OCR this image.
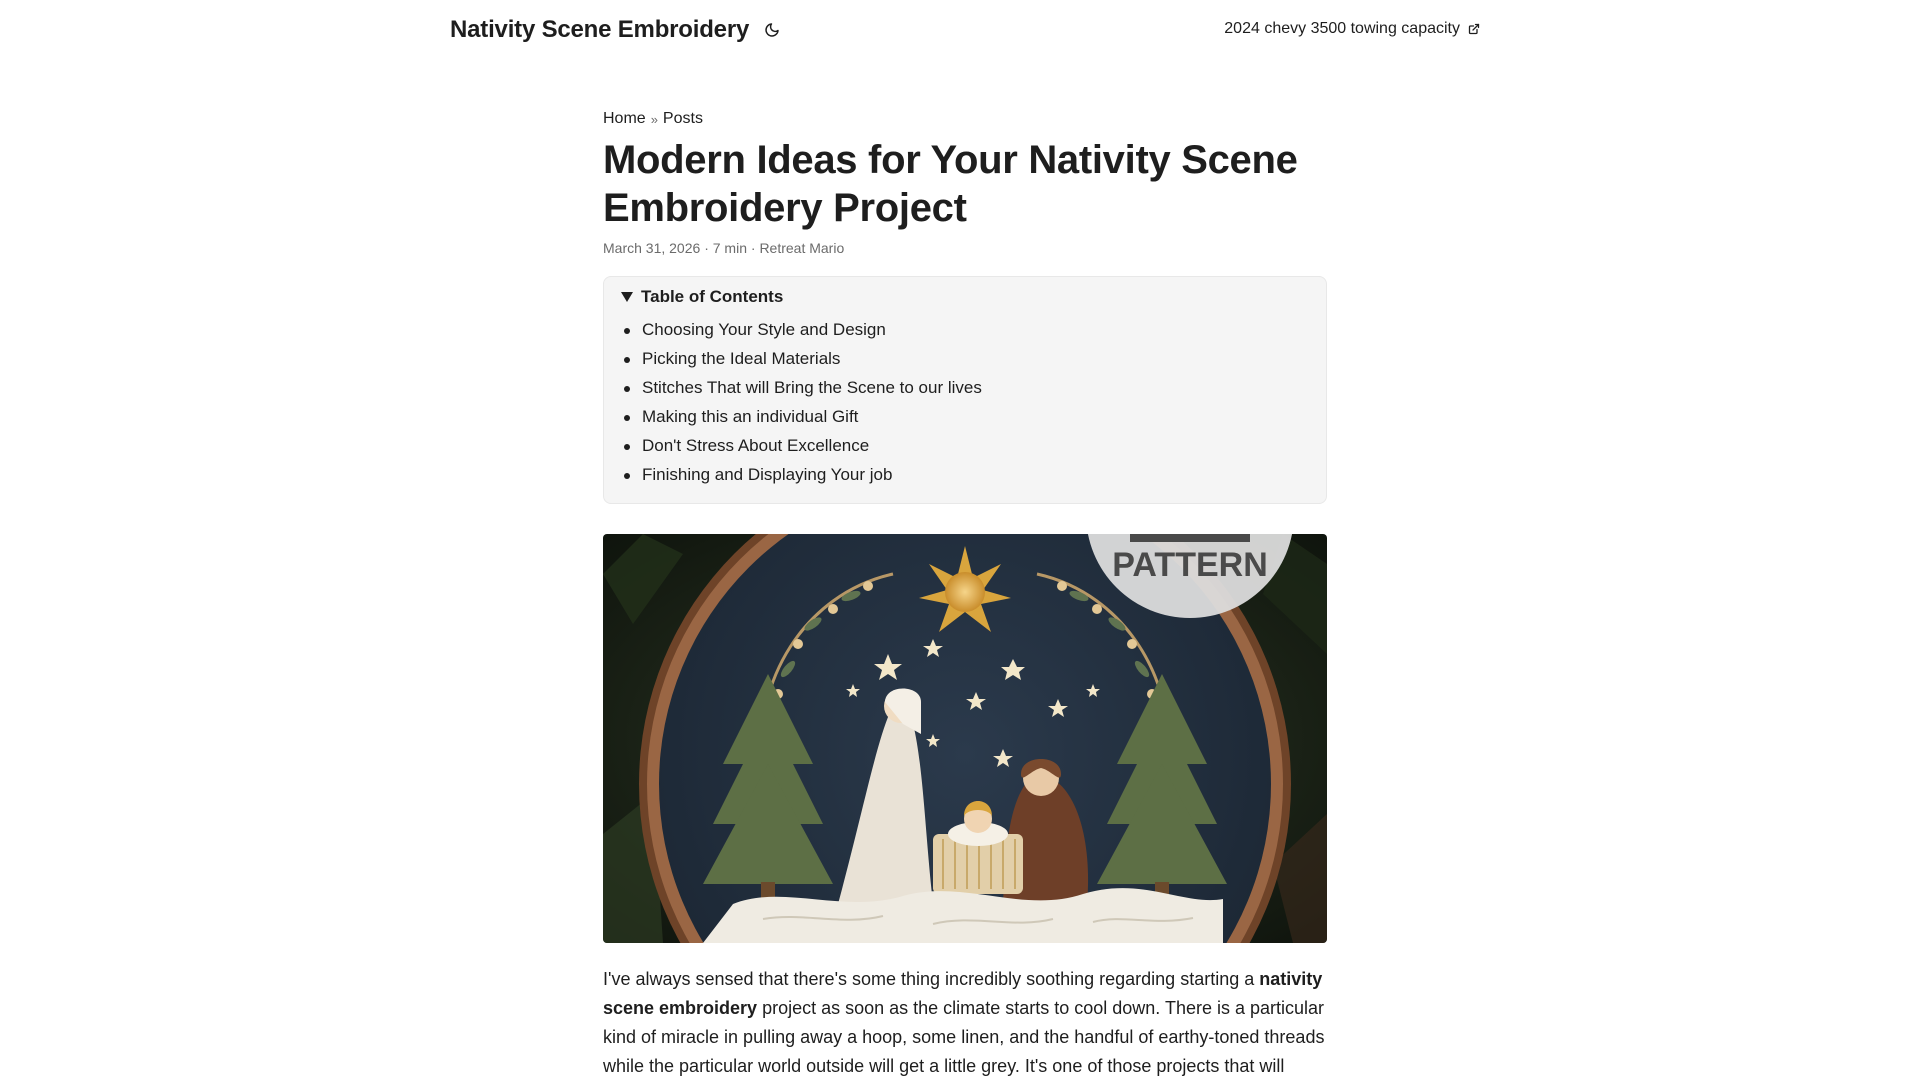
Nativity Scene Embroidery	2024 chevy 3500 towing capacity
Home » Posts
Modern Ideas for Your Nativity Scene Embroidery Project
March 31, 2026 · 7 min · Retreat Mario
Table of Contents
Choosing Your Style and Design
Picking the Ideal Materials
Stitches That will Bring the Scene to our lives
Making this an individual Gift
Don't Stress About Excellence
Finishing and Displaying Your job
PATTERN

I've always sensed that there's some thing incredibly soothing regarding starting a nativity scene embroidery project as soon as the climate starts to cool down. There is a particular kind of miracle in pulling away a hoop, some linen, and the handful of earthy-toned threads while the particular world outside will get a little grey. It's one of those projects that will
